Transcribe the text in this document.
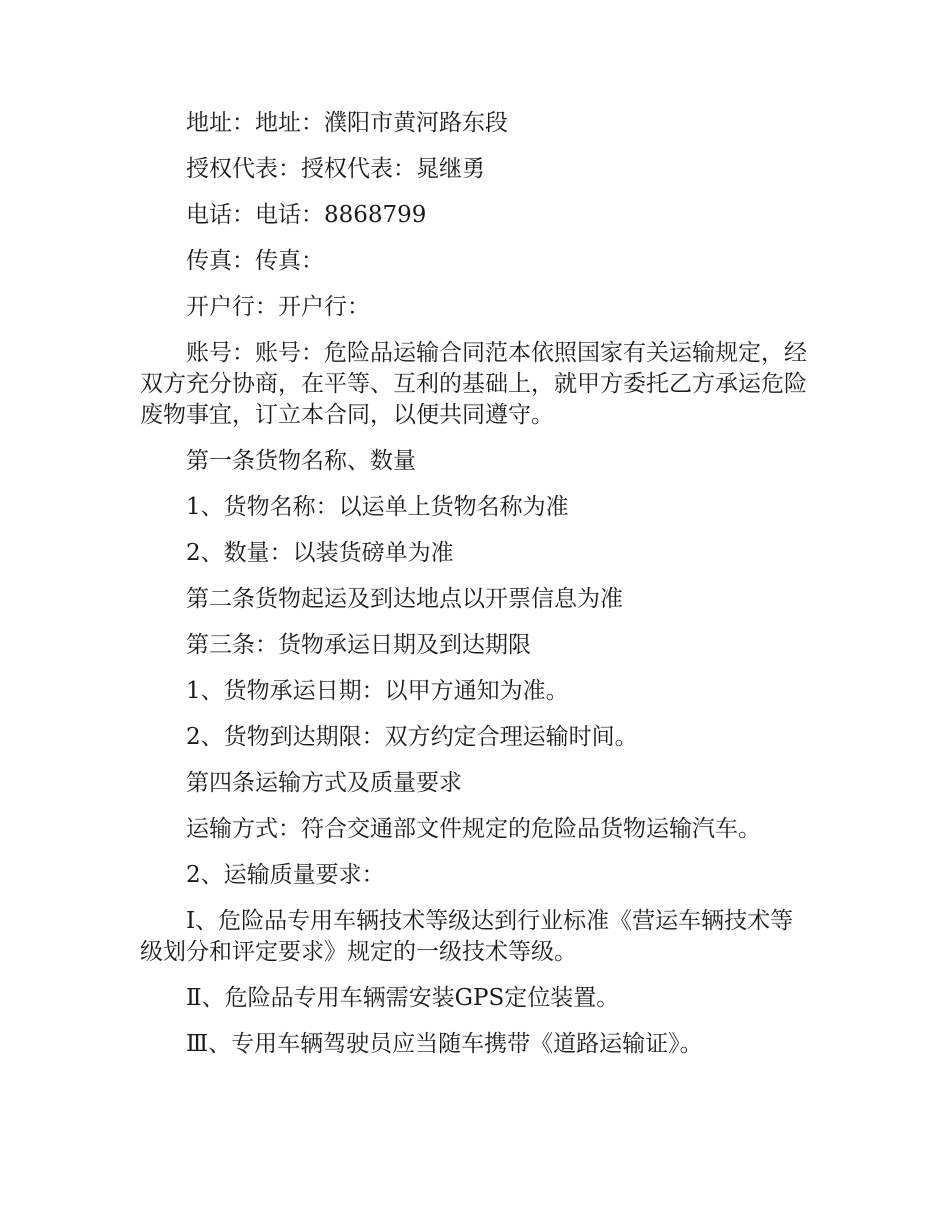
地址：地址：濮阳市黄河路东段

授权代表：授权代表：晁继勇

电话：电话：8868799

传真：传真：

开户行：开户行：

账号：账号：危险品运输合同范本依照国家有关运输规定，经双方充分协商，在平等、互利的基础上，就甲方委托乙方承运危险废物事宜，订立本合同，以便共同遵守。

第一条货物名称、数量

1、货物名称：以运单上货物名称为准

2、数量：以装货磅单为准

第二条货物起运及到达地点以开票信息为准

第三条：货物承运日期及到达期限

1、货物承运日期：以甲方通知为准。

2、货物到达期限：双方约定合理运输时间。

第四条运输方式及质量要求

运输方式：符合交通部文件规定的危险品货物运输汽车。

2、运输质量要求：

Ⅰ、危险品专用车辆技术等级达到行业标准《营运车辆技术等级划分和评定要求》规定的一级技术等级。

Ⅱ、危险品专用车辆需安装GPS定位装置。

Ⅲ、专用车辆驾驶员应当随车携带《道路运输证》。
